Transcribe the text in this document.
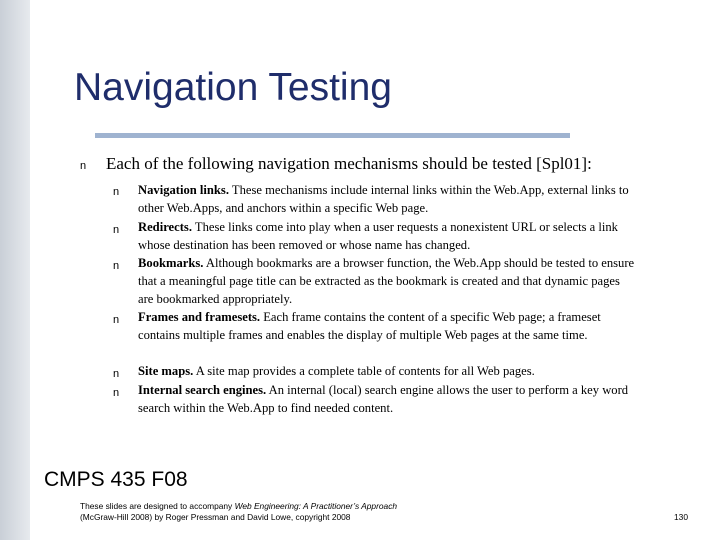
Navigation Testing
n Each of the following navigation mechanisms should be tested [Spl01]:
n Navigation links. These mechanisms include internal links within the Web.App, external links to other Web.Apps, and anchors within a specific Web page.
n Redirects. These links come into play when a user requests a nonexistent URL or selects a link whose destination has been removed or whose name has changed.
n Bookmarks. Although bookmarks are a browser function, the Web.App should be tested to ensure that a meaningful page title can be extracted as the bookmark is created and that dynamic pages are bookmarked appropriately.
n Frames and framesets. Each frame contains the content of a specific Web page; a frameset contains multiple frames and enables the display of multiple Web pages at the same time.
n Site maps. A site map provides a complete table of contents for all Web pages.
n Internal search engines. An internal (local) search engine allows the user to perform a key word search within the Web.App to find needed content.
CMPS 435 F08
These slides are designed to accompany Web Engineering: A Practitioner’s Approach
(McGraw-Hill 2008) by Roger Pressman and David Lowe, copyright 2008	130
